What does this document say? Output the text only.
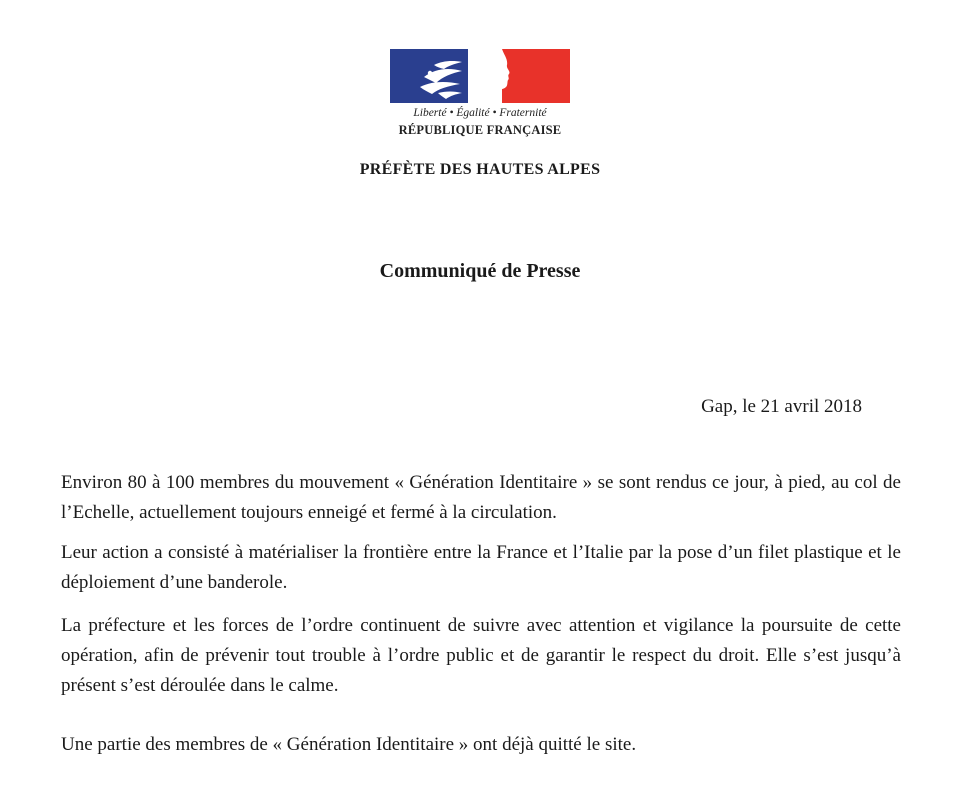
Liberté • Égalité • Fraternité
RÉPUBLIQUE FRANÇAISE
PRÉFÈTE DES HAUTES ALPES
Communiqué de Presse
Gap, le 21 avril 2018

Environ 80 à 100 membres du mouvement « Génération Identitaire » se sont rendus ce jour, à pied, au col de l’Echelle, actuellement toujours enneigé et fermé à la circulation.

Leur action a consisté à matérialiser la frontière entre la France et l’Italie par la pose d’un filet plastique et le déploiement d’une banderole.

La préfecture et les forces de l’ordre continuent de suivre avec attention et vigilance la poursuite de cette opération, afin de prévenir tout trouble à l’ordre public et de garantir le respect du droit. Elle s’est jusqu’à présent s’est déroulée dans le calme.

Une partie des membres de « Génération Identitaire » ont déjà quitté le site.
